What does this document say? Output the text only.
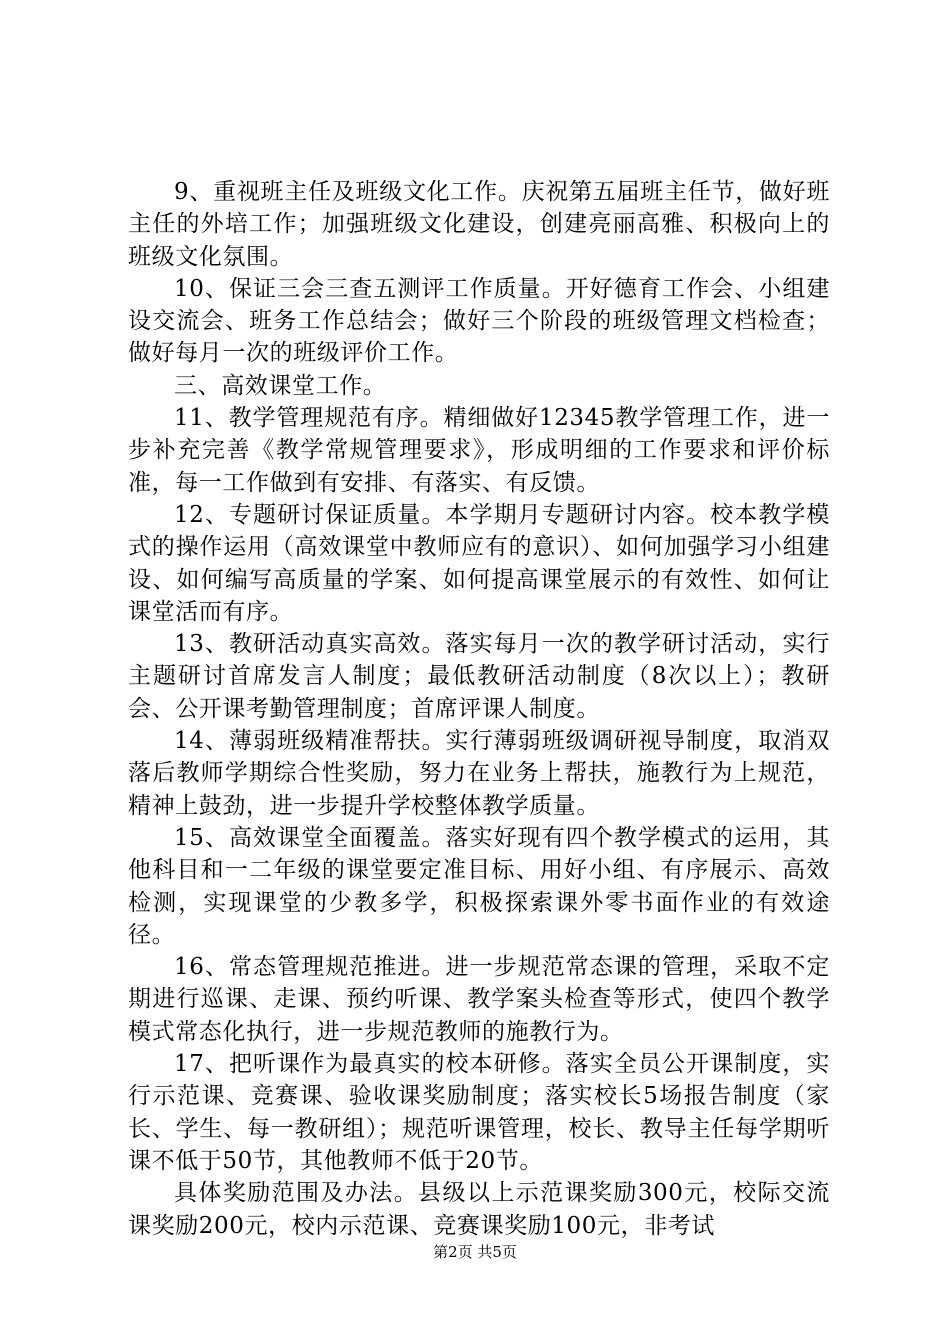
9、重视班主任及班级文化工作。庆祝第五届班主任节，做好班主任的外培工作；加强班级文化建设，创建亮丽高雅、积极向上的班级文化氛围。

10、保证三会三查五测评工作质量。开好德育工作会、小组建设交流会、班务工作总结会；做好三个阶段的班级管理文档检查；做好每月一次的班级评价工作。

三、高效课堂工作。

11、教学管理规范有序。精细做好12345教学管理工作，进一步补充完善《教学常规管理要求》，形成明细的工作要求和评价标准，每一工作做到有安排、有落实、有反馈。

12、专题研讨保证质量。本学期月专题研讨内容。校本教学模式的操作运用（高效课堂中教师应有的意识）、如何加强学习小组建设、如何编写高质量的学案、如何提高课堂展示的有效性、如何让课堂活而有序。

13、教研活动真实高效。落实每月一次的教学研讨活动，实行主题研讨首席发言人制度；最低教研活动制度（8次以上）；教研会、公开课考勤管理制度；首席评课人制度。

14、薄弱班级精准帮扶。实行薄弱班级调研视导制度，取消双落后教师学期综合性奖励，努力在业务上帮扶，施教行为上规范，精神上鼓劲，进一步提升学校整体教学质量。

15、高效课堂全面覆盖。落实好现有四个教学模式的运用，其他科目和一二年级的课堂要定准目标、用好小组、有序展示、高效检测，实现课堂的少教多学，积极探索课外零书面作业的有效途径。

16、常态管理规范推进。进一步规范常态课的管理，采取不定期进行巡课、走课、预约听课、教学案头检查等形式，使四个教学模式常态化执行，进一步规范教师的施教行为。

17、把听课作为最真实的校本研修。落实全员公开课制度，实行示范课、竞赛课、验收课奖励制度；落实校长5场报告制度（家长、学生、每一教研组）；规范听课管理，校长、教导主任每学期听课不低于50节，其他教师不低于20节。

具体奖励范围及办法。县级以上示范课奖励300元，校际交流课奖励200元，校内示范课、竞赛课奖励100元，非考试

第2页 共5页
